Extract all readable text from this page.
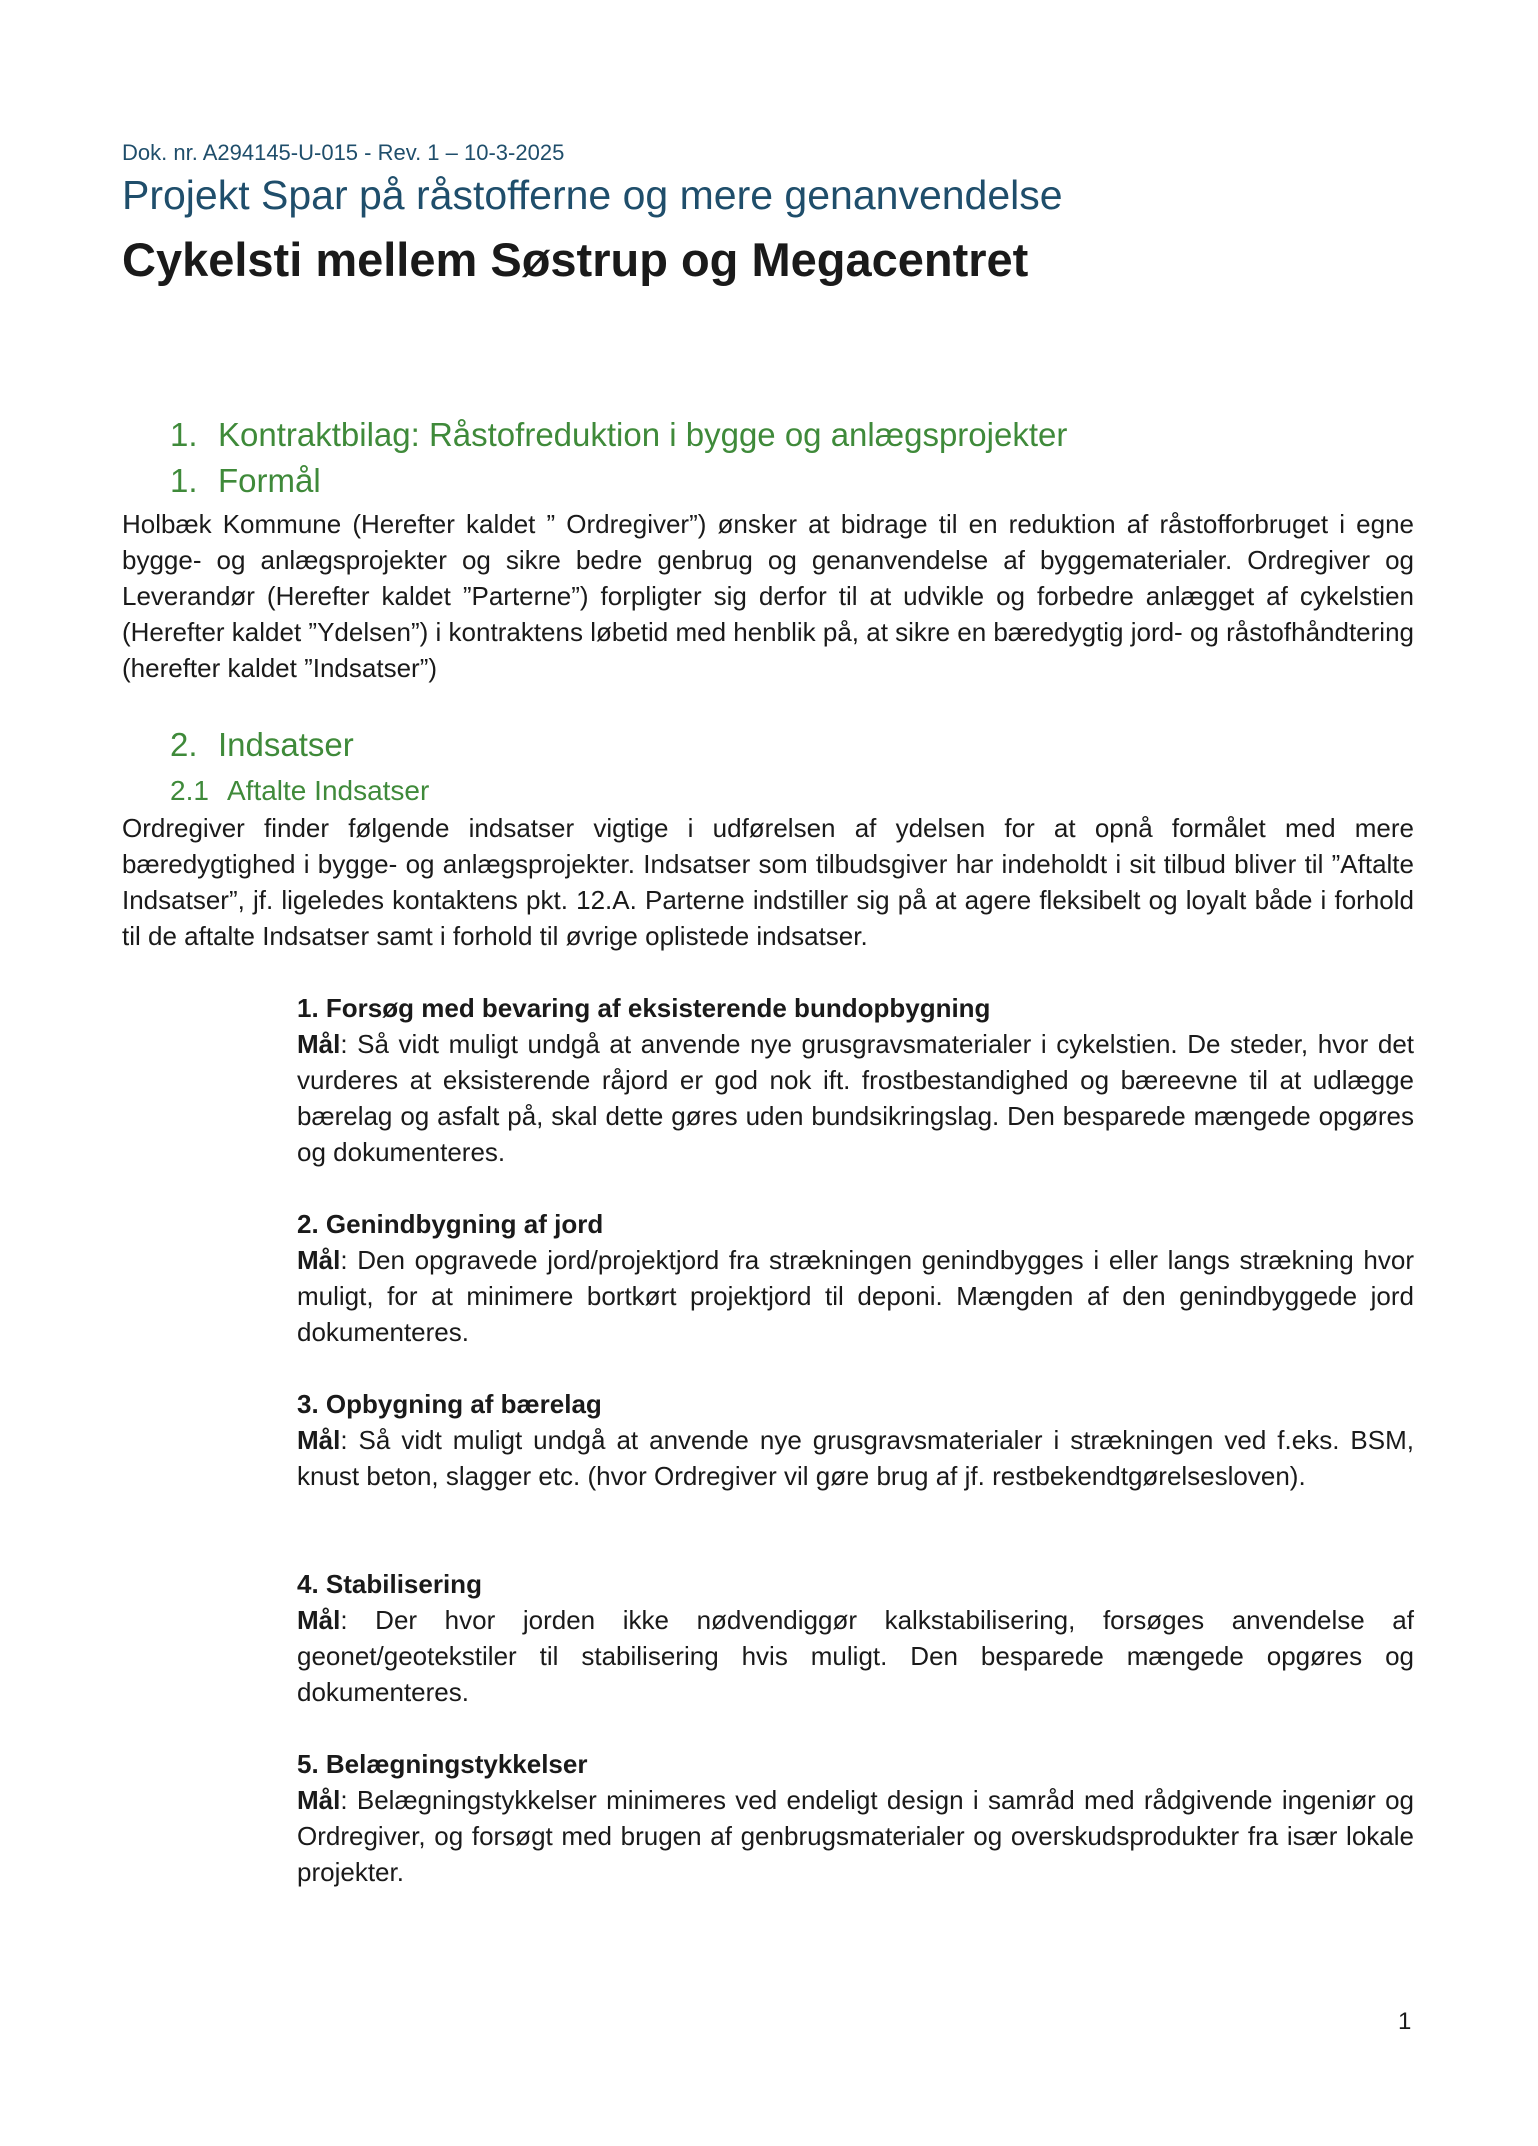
Dok. nr. A294145-U-015 - Rev. 1 – 10-3-2025
Projekt Spar på råstofferne og mere genanvendelse
Cykelsti mellem Søstrup og Megacentret
1. Kontraktbilag: Råstofreduktion i bygge og anlægsprojekter
1. Formål

Holbæk Kommune (Herefter kaldet ” Ordregiver”) ønsker at bidrage til en reduktion af råstofforbruget i egne bygge- og anlægsprojekter og sikre bedre genbrug og genanvendelse af byggematerialer. Ordregiver og Leverandør (Herefter kaldet ”Parterne”) forpligter sig derfor til at udvikle og forbedre anlægget af cykelstien (Herefter kaldet ”Ydelsen”) i kontraktens løbetid med henblik på, at sikre en bæredygtig jord- og råstofhåndtering (herefter kaldet ”Indsatser”)

2. Indsatser
2.1 Aftalte Indsatser

Ordregiver finder følgende indsatser vigtige i udførelsen af ydelsen for at opnå formålet med mere bæredygtighed i bygge- og anlægsprojekter. Indsatser som tilbudsgiver har indeholdt i sit tilbud bliver til ”Aftalte Indsatser”, jf. ligeledes kontaktens pkt. 12.A. Parterne indstiller sig på at agere fleksibelt og loyalt både i forhold til de aftalte Indsatser samt i forhold til øvrige oplistede indsatser.

1. Forsøg med bevaring af eksisterende bundopbygning

Mål: Så vidt muligt undgå at anvende nye grusgravsmaterialer i cykelstien. De steder, hvor det vurderes at eksisterende råjord er god nok ift. frostbestandighed og bæreevne til at udlægge bærelag og asfalt på, skal dette gøres uden bundsikringslag. Den besparede mængede opgøres og dokumenteres.

2. Genindbygning af jord

Mål: Den opgravede jord/projektjord fra strækningen genindbygges i eller langs strækning hvor muligt, for at minimere bortkørt projektjord til deponi. Mængden af den genindbyggede jord dokumenteres.

3. Opbygning af bærelag

Mål: Så vidt muligt undgå at anvende nye grusgravsmaterialer i strækningen ved f.eks. BSM, knust beton, slagger etc. (hvor Ordregiver vil gøre brug af jf. restbekendtgørelsesloven).

4. Stabilisering

Mål: Der hvor jorden ikke nødvendiggør kalkstabilisering, forsøges anvendelse af geonet/geotekstiler til stabilisering hvis muligt. Den besparede mængede opgøres og dokumenteres.

5. Belægningstykkelser

Mål: Belægningstykkelser minimeres ved endeligt design i samråd med rådgivende ingeniør og Ordregiver, og forsøgt med brugen af genbrugsmaterialer og overskudsprodukter fra især lokale projekter.

1
